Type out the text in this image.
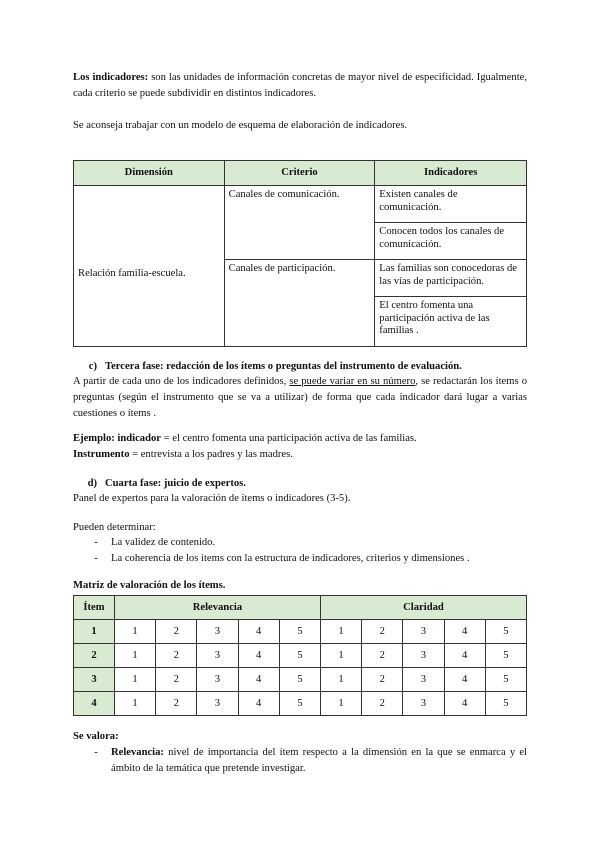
Los indicadores: son las unidades de información concretas de mayor nivel de especificidad. Igualmente, cada criterio se puede subdividir en distintos indicadores.

Se aconseja trabajar con un modelo de esquema de elaboración de indicadores.

Dimensión	Criterio	Indicadores
Relación familia-escuela.	Canales de comunicación.	Existen canales de comunicación.
		Conocen todos los canales de comunicación.
	Canales de participación.	Las familias son conocedoras de las vías de participación.
		El centro fomenta una participación activa de las familias .
c) Tercera fase: redacción de los ítems o preguntas del instrumento de evaluación.

A partir de cada uno de los indicadores definidos, se puede variar en su número, se redactarán los ítems o preguntas (según el instrumento que se va a utilizar) de forma que cada indicador dará lugar a varias cuestiones o ítems .

Ejemplo: indicador = el centro fomenta una participación activa de las familias.

Instrumento = entrevista a los padres y las madres.

d) Cuarta fase: juicio de expertos.

Panel de expertos para la valoración de ítems o indicadores (3-5).

Pueden determinar:

-	La validez de contenido.
-	La coherencia de los ítems con la estructura de indicadores, criterios y dimensiones .

Matriz de valoración de los ítems.

Ítem	Relevancia					Claridad				
1	1	2	3	4	5	1	2	3	4	5
2	1	2	3	4	5	1	2	3	4	5
3	1	2	3	4	5	1	2	3	4	5
4	1	2	3	4	5	1	2	3	4	5

Se valora:

-	Relevancia: nivel de importancia del ítem respecto a la dimensión en la que se enmarca y el ámbito de la temática que pretende investigar.
